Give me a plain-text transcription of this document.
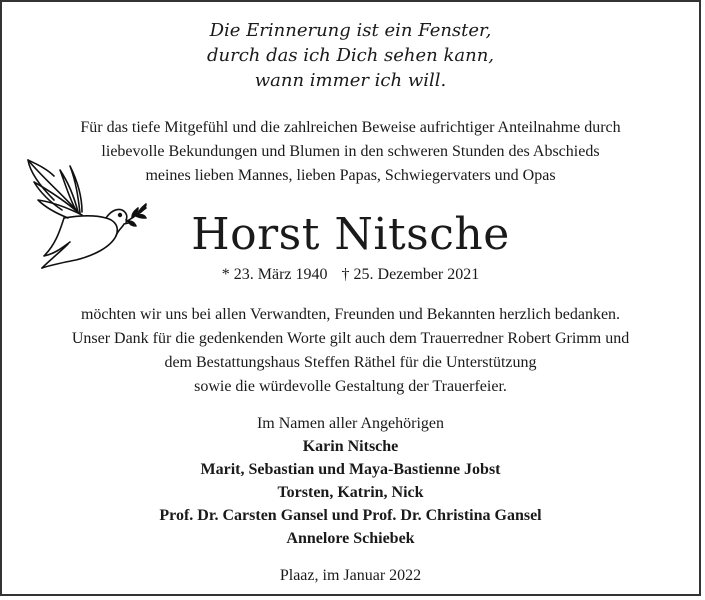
Die Erinnerung ist ein Fenster,
durch das ich Dich sehen kann,
wann immer ich will.
Für das tiefe Mitgefühl und die zahlreichen Beweise aufrichtiger Anteilnahme durch
liebevolle Bekundungen und Blumen in den schweren Stunden des Abschieds
meines lieben Mannes, lieben Papas, Schwiegervaters und Opas
Horst Nitsche
* 23. März 1940 † 25. Dezember 2021
möchten wir uns bei allen Verwandten, Freunden und Bekannten herzlich bedanken.
Unser Dank für die gedenkenden Worte gilt auch dem Trauerredner Robert Grimm und
dem Bestattungshaus Steffen Räthel für die Unterstützung
sowie die würdevolle Gestaltung der Trauerfeier.
Im Namen aller Angehörigen
Karin Nitsche
Marit, Sebastian und Maya-Bastienne Jobst
Torsten, Katrin, Nick
Prof. Dr. Carsten Gansel und Prof. Dr. Christina Gansel
Annelore Schiebek
Plaaz, im Januar 2022
